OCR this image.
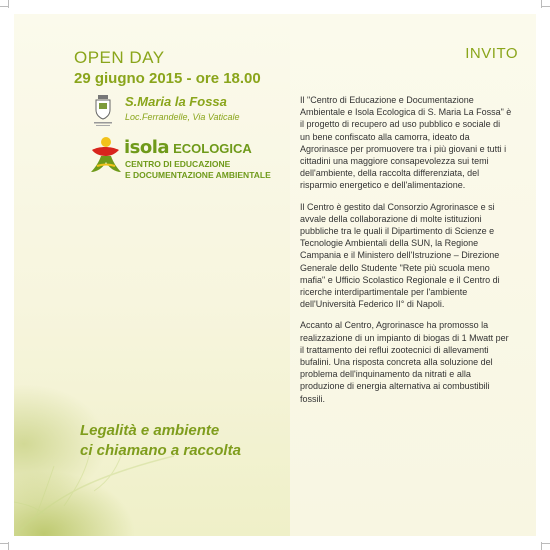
OPEN DAY
29 giugno 2015 - ore 18.00
S.Maria la Fossa
Loc.Ferrandelle, Via Vaticale
isola ECOLOGICA
CENTRO DI EDUCAZIONE
E DOCUMENTAZIONE AMBIENTALE
Legalità e ambiente
ci chiamano a raccolta
INVITO

Il "Centro di Educazione e Documentazione Ambientale e Isola Ecologica di S. Maria La Fossa" è il progetto di recupero ad uso pubblico e sociale di un bene confiscato alla camorra, ideato da Agrorinasce per promuovere tra i più giovani e tutti i cittadini una maggiore consapevolezza sui temi dell'ambiente, della raccolta differenziata, del risparmio energetico e dell'alimentazione.

Il Centro è gestito dal Consorzio Agrorinasce e si avvale della collaborazione di molte istituzioni pubbliche tra le quali il Dipartimento di Scienze e Tecnologie Ambientali della SUN, la Regione Campania e il Ministero dell'Istruzione – Direzione Generale dello Studente "Rete più scuola meno mafia" e Ufficio Scolastico Regionale e il Centro di ricerche interdipartimentale per l'ambiente dell'Università Federico II° di Napoli.

Accanto al Centro, Agrorinasce ha promosso la realizzazione di un impianto di biogas di 1 Mwatt per il trattamento dei reflui zootecnici di allevamenti bufalini. Una risposta concreta alla soluzione del problema dell'inquinamento da nitrati e alla produzione di energia alternativa ai combustibili fossili.
